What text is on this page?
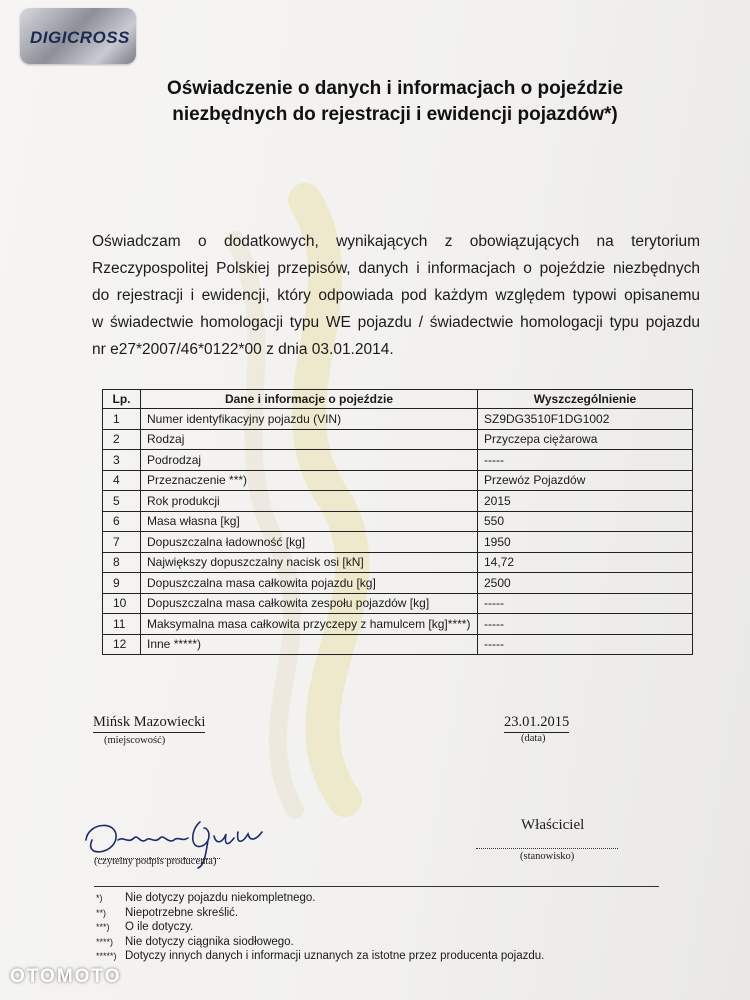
DIGICROSS
Oświadczenie o danych i informacjach o pojeździe
niezbędnych do rejestracji i ewidencji pojazdów*)
Oświadczam o dodatkowych, wynikających z obowiązujących na terytorium
Rzeczypospolitej Polskiej przepisów, danych i informacjach o pojeździe niezbędnych
do rejestracji i ewidencji, który odpowiada pod każdym względem typowi opisanemu
w świadectwie homologacji typu WE pojazdu / świadectwie homologacji typu pojazdu
nr e27*2007/46*0122*00 z dnia 03.01.2014.
Lp.	Dane i informacje o pojeździe	Wyszczególnienie
1	Numer identyfikacyjny pojazdu (VIN)	SZ9DG3510F1DG1002
2	Rodzaj	Przyczepa ciężarowa
3	Podrodzaj	-----
4	Przeznaczenie ***)	Przewóz Pojazdów
5	Rok produkcji	2015
6	Masa własna [kg]	550
7	Dopuszczalna ładowność [kg]	1950
8	Największy dopuszczalny nacisk osi [kN]	14,72
9	Dopuszczalna masa całkowita pojazdu [kg]	2500
10	Dopuszczalna masa całkowita zespołu pojazdów [kg]	-----
11	Maksymalna masa całkowita przyczepy z hamulcem [kg]****)	-----
12	Inne *****)	-----
Mińsk Mazowiecki
(miejscowość)
23.01.2015
(data)
(czytelny podpis producenta)
Właściciel
(stanowisko)
*)	Nie dotyczy pojazdu niekompletnego.
**)	Niepotrzebne skreślić.
***)	O ile dotyczy.
****)	Nie dotyczy ciągnika siodłowego.
*****) Dotyczy innych danych i informacji uznanych za istotne przez producenta pojazdu.
OTOMOTO
